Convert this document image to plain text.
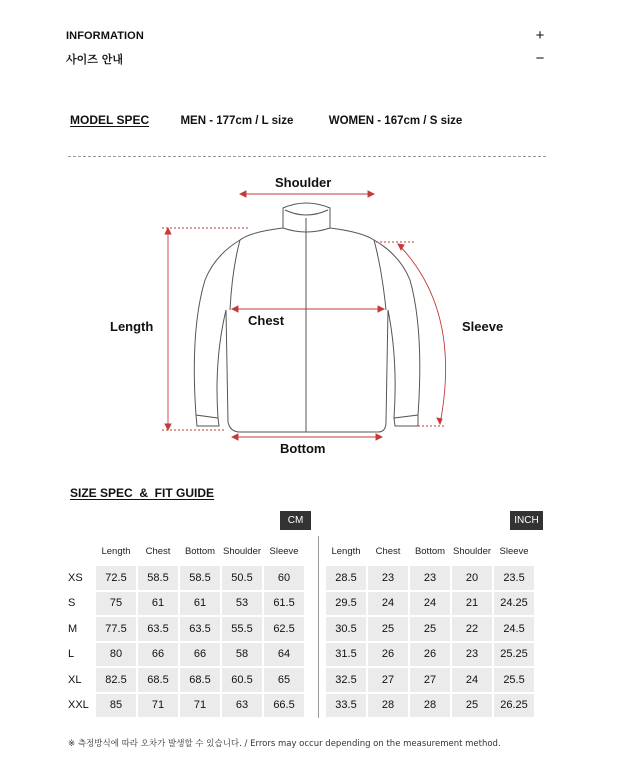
INFORMATION	+
사이즈 안내	−
MODEL SPEC	MEN - 177cm / L size	WOMEN - 167cm / S size
Shoulder
Chest
Length	Sleeve
Bottom
SIZE SPEC  &  FIT GUIDE
CM	INCH
	Length	Chest	Bottom	Shoulder	Sleeve
XS	72.5	58.5	58.5	50.5	60
S	75	61	61	53	61.5
M	77.5	63.5	63.5	55.5	62.5
L	80	66	66	58	64
XL	82.5	68.5	68.5	60.5	65
XXL	85	71	71	63	66.5
Length	Chest	Bottom	Shoulder	Sleeve
28.5	23	23	20	23.5
29.5	24	24	21	24.25
30.5	25	25	22	24.5
31.5	26	26	23	25.25
32.5	27	27	24	25.5
33.5	28	28	25	26.25
※ 측정방식에 따라 오차가 발생할 수 있습니다. / Errors may occur depending on the measurement method.
